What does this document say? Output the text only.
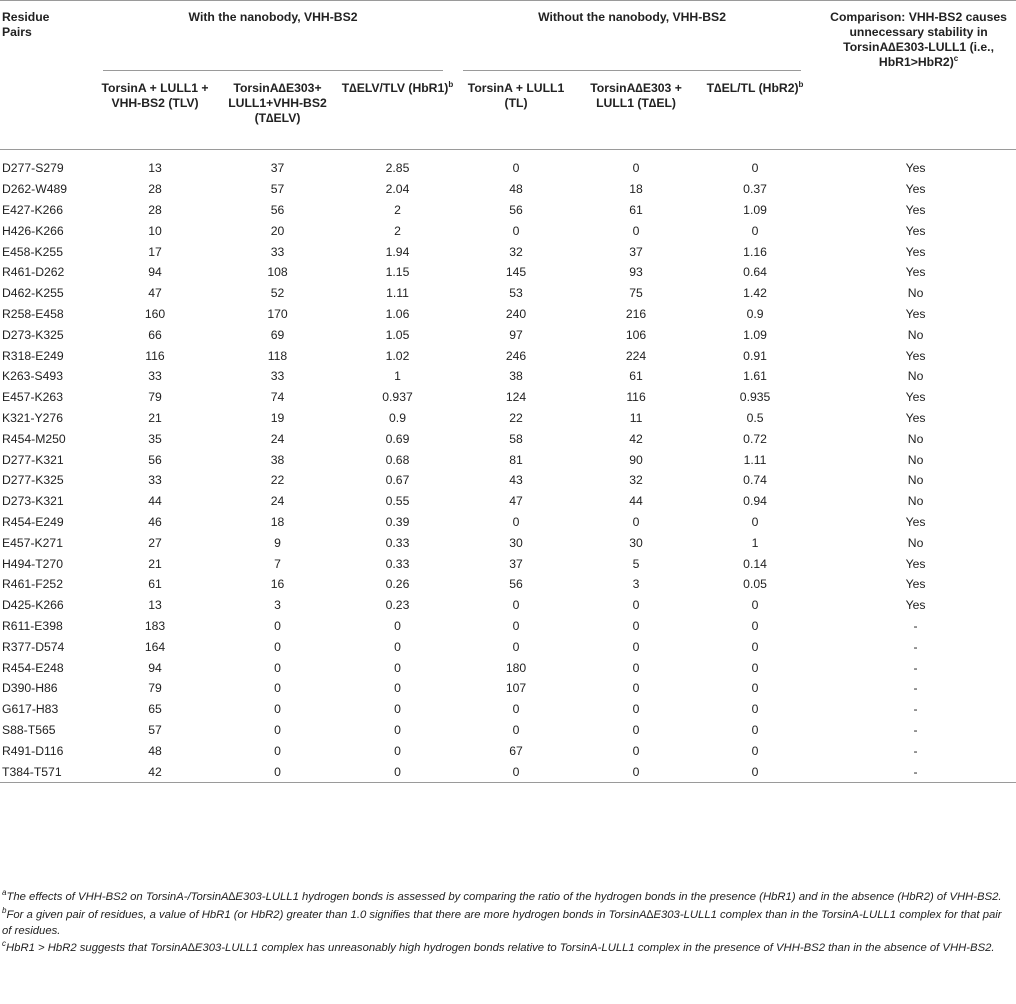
Residue
Pairs	With the nanobody, VHH-BS2			Without the nanobody, VHH-BS2			Comparison: VHH-BS2 causes unnecessary stability in TorsinA∆E303-LULL1 (i.e., HbR1>HbR2)$^c$

	TorsinA + LULL1 + VHH-BS2 (TLV)	TorsinA∆E303+ LULL1+VHH-BS2 (T∆ELV)	T∆ELV/TLV $(HbR1)^b$	TorsinA + LULL1 (TL)	TorsinA∆E303 + LULL1 (T∆EL)	T∆EL/TL $(HbR2)^b$

D277-S279	13	37	2.85	0	0	0	Yes
D262-W489	28	57	2.04	48	18	0.37	Yes
E427-K266	28	56	2	56	61	1.09	Yes
H426-K266	10	20	2	0	0	0	Yes
E458-K255	17	33	1.94	32	37	1.16	Yes
R461-D262	94	108	1.15	145	93	0.64	Yes
D462-K255	47	52	1.11	53	75	1.42	No
R258-E458	160	170	1.06	240	216	0.9	Yes
D273-K325	66	69	1.05	97	106	1.09	No
R318-E249	116	118	1.02	246	224	0.91	Yes
K263-S493	33	33	1	38	61	1.61	No
E457-K263	79	74	0.937	124	116	0.935	Yes
K321-Y276	21	19	0.9	22	11	0.5	Yes
R454-M250	35	24	0.69	58	42	0.72	No
D277-K321	56	38	0.68	81	90	1.11	No
D277-K325	33	22	0.67	43	32	0.74	No
D273-K321	44	24	0.55	47	44	0.94	No
R454-E249	46	18	0.39	0	0	0	Yes
E457-K271	27	9	0.33	30	30	1	No
H494-T270	21	7	0.33	37	5	0.14	Yes
R461-F252	61	16	0.26	56	3	0.05	Yes
D425-K266	13	3	0.23	0	0	0	Yes
R611-E398	183	0	0	0	0	0	-
R377-D574	164	0	0	0	0	0	-
R454-E248	94	0	0	180	0	0	-
D390-H86	79	0	0	107	0	0	-
G617-H83	65	0	0	0	0	0	-
S88-T565	57	0	0	0	0	0	-
R491-D116	48	0	0	67	0	0	-
T384-T571	42	0	0	0	0	0	-

$^a$The effects of VHH-BS2 on TorsinA-/TorsinA∆E303-LULL1 hydrogen bonds is assessed by comparing the ratio of the hydrogen bonds in the presence (HbR1) and in the absence (HbR2) of VHH-BS2.

$^b$For a given pair of residues, a value of HbR1 (or HbR2) greater than 1.0 signifies that there are more hydrogen bonds in TorsinA∆E303-LULL1 complex than in the TorsinA-LULL1 complex for that pair of residues.

$^c$HbR1 > HbR2 suggests that TorsinA∆E303-LULL1 complex has unreasonably high hydrogen bonds relative to TorsinA-LULL1 complex in the presence of VHH-BS2 than in the absence of VHH-BS2.
